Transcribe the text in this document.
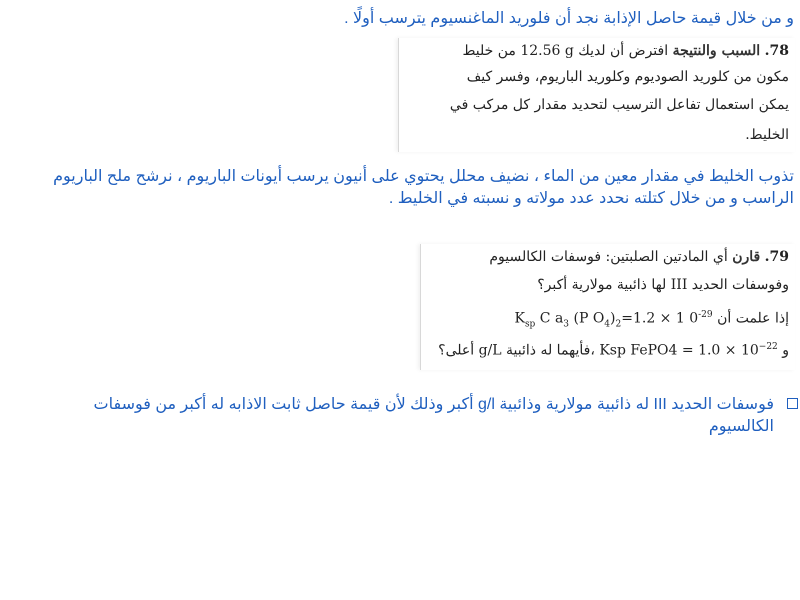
و من خلال قيمة حاصل الإذابة نجد أن فلوريد الماغنسيوم يترسب أولًا .
78. السبب والنتيجة افترض أن لديك 12.56 g من خليط
مكون من كلوريد الصوديوم وكلوريد الباريوم، وفسر كيف
يمكن استعمال تفاعل الترسيب لتحديد مقدار كل مركب في
الخليط.
تذوب الخليط في مقدار معين من الماء ، نضيف محلل يحتوي على أنيون يرسب أيونات الباريوم ، نرشح ملح الباريوم الراسب و من خلال كتلته نحدد عدد مولاته و نسبته في الخليط .
79. قارن أي المادتين الصلبتين: فوسفات الكالسيوم
وفوسفات الحديد III لها ذائبية مولارية أكبر؟
إذا علمت أن $K_{sp}$ C $a_3$ (P $O_4)_2=1.2 \times 1$ $0^{-29}$
و Ksp FePO4 = $1.0 \times 10^{-22}$ ،فأيهما له ذائبية g/L أعلى؟
فوسفات الحديد III له ذائبية مولارية وذائبية g/l أكبر وذلك لأن قيمة حاصل ثابت الاذابه له أكبر من فوسفات الكالسيوم
